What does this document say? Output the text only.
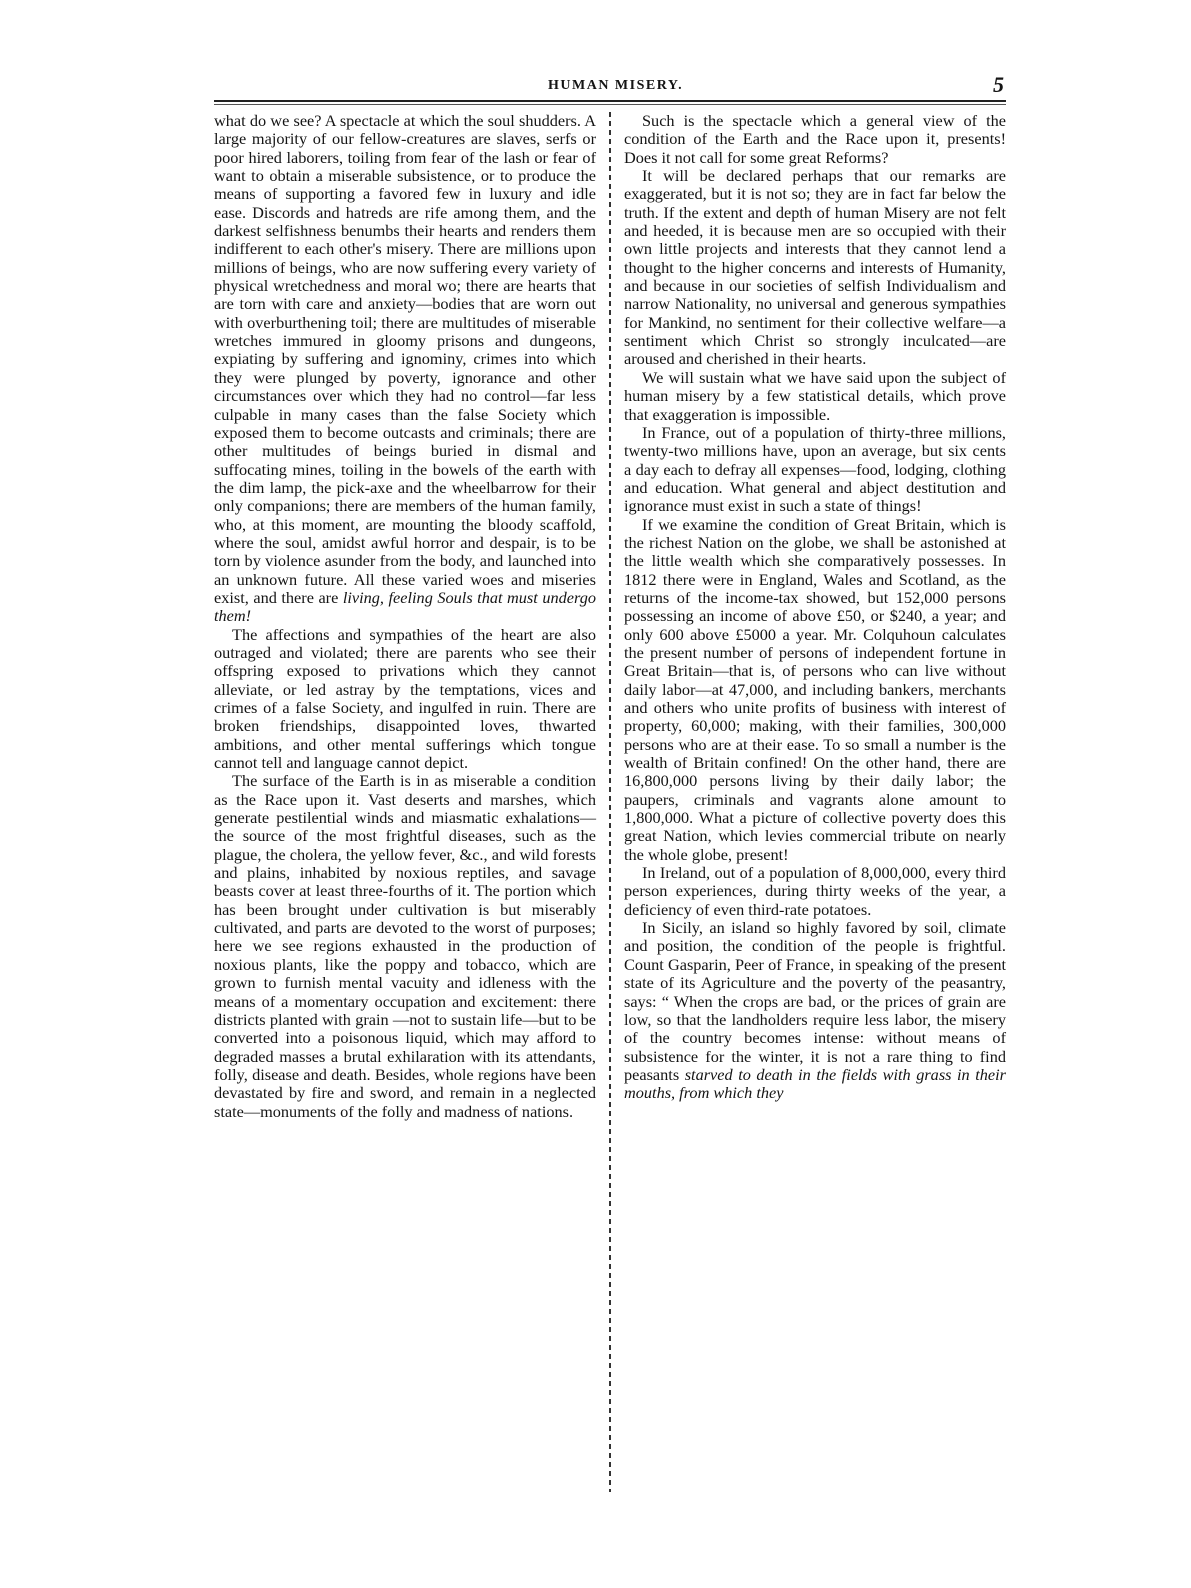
HUMAN MISERY.	5

what do we see? A spectacle at which the soul shudders. A large majority of our fellow-creatures are slaves, serfs or poor hired laborers, toiling from fear of the lash or fear of want to obtain a miserable subsistence, or to produce the means of supporting a favored few in luxury and idle ease. Discords and hatreds are rife among them, and the darkest selfishness benumbs their hearts and renders them indifferent to each other's misery. There are millions upon millions of beings, who are now suffering every variety of physical wretchedness and moral wo; there are hearts that are torn with care and anxiety—bodies that are worn out with overburthening toil; there are multitudes of miserable wretches immured in gloomy prisons and dungeons, expiating by suffering and ignominy, crimes into which they were plunged by poverty, ignorance and other circumstances over which they had no control—far less culpable in many cases than the false Society which exposed them to become outcasts and criminals; there are other multitudes of beings buried in dismal and suffocating mines, toiling in the bowels of the earth with the dim lamp, the pick-axe and the wheelbarrow for their only companions; there are members of the human family, who, at this moment, are mounting the bloody scaffold, where the soul, amidst awful horror and despair, is to be torn by violence asunder from the body, and launched into an unknown future. All these varied woes and miseries exist, and there are living, feeling Souls that must undergo them!

The affections and sympathies of the heart are also outraged and violated; there are parents who see their offspring exposed to privations which they cannot alleviate, or led astray by the temptations, vices and crimes of a false Society, and ingulfed in ruin. There are broken friendships, disappointed loves, thwarted ambitions, and other mental sufferings which tongue cannot tell and language cannot depict.

The surface of the Earth is in as miserable a condition as the Race upon it. Vast deserts and marshes, which generate pestilential winds and miasmatic exhalations—the source of the most frightful diseases, such as the plague, the cholera, the yellow fever, &c., and wild forests and plains, inhabited by noxious reptiles, and savage beasts cover at least three-fourths of it. The portion which has been brought under cultivation is but miserably cultivated, and parts are devoted to the worst of purposes; here we see regions exhausted in the production of noxious plants, like the poppy and tobacco, which are grown to furnish mental vacuity and idleness with the means of a momentary occupation and excitement: there districts planted with grain —not to sustain life—but to be converted into a poisonous liquid, which may afford to degraded masses a brutal exhilaration with its attendants, folly, disease and death. Besides, whole regions have been devastated by fire and sword, and remain in a neglected state—monuments of the folly and madness of nations.

Such is the spectacle which a general view of the condition of the Earth and the Race upon it, presents! Does it not call for some great Reforms?

It will be declared perhaps that our remarks are exaggerated, but it is not so; they are in fact far below the truth. If the extent and depth of human Misery are not felt and heeded, it is because men are so occupied with their own little projects and interests that they cannot lend a thought to the higher concerns and interests of Humanity, and because in our societies of selfish Individualism and narrow Nationality, no universal and generous sympathies for Mankind, no sentiment for their collective welfare—a sentiment which Christ so strongly inculcated—are aroused and cherished in their hearts.

We will sustain what we have said upon the subject of human misery by a few statistical details, which prove that exaggeration is impossible.

In France, out of a population of thirty-three millions, twenty-two millions have, upon an average, but six cents a day each to defray all expenses—food, lodging, clothing and education. What general and abject destitution and ignorance must exist in such a state of things!

If we examine the condition of Great Britain, which is the richest Nation on the globe, we shall be astonished at the little wealth which she comparatively possesses. In 1812 there were in England, Wales and Scotland, as the returns of the income-tax showed, but 152,000 persons possessing an income of above £50, or $240, a year; and only 600 above £5000 a year. Mr. Colquhoun calculates the present number of persons of independent fortune in Great Britain—that is, of persons who can live without daily labor—at 47,000, and including bankers, merchants and others who unite profits of business with interest of property, 60,000; making, with their families, 300,000 persons who are at their ease. To so small a number is the wealth of Britain confined! On the other hand, there are 16,800,000 persons living by their daily labor; the paupers, criminals and vagrants alone amount to 1,800,000. What a picture of collective poverty does this great Nation, which levies commercial tribute on nearly the whole globe, present!

In Ireland, out of a population of 8,000,000, every third person experiences, during thirty weeks of the year, a deficiency of even third-rate potatoes.

In Sicily, an island so highly favored by soil, climate and position, the condition of the people is frightful. Count Gasparin, Peer of France, in speaking of the present state of its Agriculture and the poverty of the peasantry, says: “ When the crops are bad, or the prices of grain are low, so that the landholders require less labor, the misery of the country becomes intense: without means of subsistence for the winter, it is not a rare thing to find peasants starved to death in the fields with grass in their mouths, from which they
